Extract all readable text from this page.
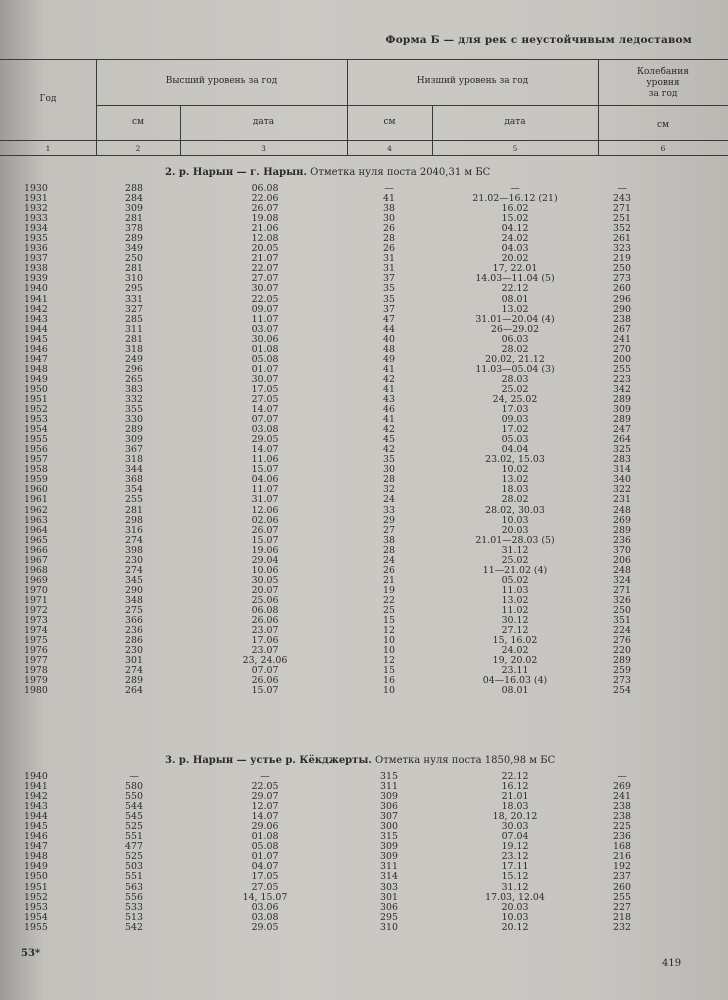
Форма Б — для рек с неустойчивым ледоставом
Год
Высший уровень за год	Низший уровень за год
Колебания
уровня
за год
см	дата	см	дата	см
1	2	3	4	5	6
2. р. Нарын — г. Нарын. Отметка нуля поста 2040,31 м БС
1930	288	06.08	—	—	—
1931	284	22.06	41	21.02—16.12 (21)	243
1932	309	26.07	38	16.02	271
1933	281	19.08	30	15.02	251
1934	378	21.06	26	04.12	352
1935	289	12.08	28	24.02	261
1936	349	20.05	26	04.03	323
1937	250	21.07	31	20.02	219
1938	281	22.07	31	17, 22.01	250
1939	310	27.07	37	14.03—11.04 (5)	273
1940	295	30.07	35	22.12	260
1941	331	22.05	35	08.01	296
1942	327	09.07	37	13.02	290
1943	285	11.07	47	31.01—20.04 (4)	238
1944	311	03.07	44	26—29.02	267
1945	281	30.06	40	06.03	241
1946	318	01.08	48	28.02	270
1947	249	05.08	49	20.02, 21.12	200
1948	296	01.07	41	11.03—05.04 (3)	255
1949	265	30.07	42	28.03	223
1950	383	17.05	41	25.02	342
1951	332	27.05	43	24, 25.02	289
1952	355	14.07	46	17.03	309
1953	330	07.07	41	09.03	289
1954	289	03.08	42	17.02	247
1955	309	29.05	45	05.03	264
1956	367	14.07	42	04.04	325
1957	318	11.06	35	23.02, 15.03	283
1958	344	15.07	30	10.02	314
1959	368	04.06	28	13.02	340
1960	354	11.07	32	18.03	322
1961	255	31.07	24	28.02	231
1962	281	12.06	33	28.02, 30.03	248
1963	298	02.06	29	10.03	269
1964	316	26.07	27	20.03	289
1965	274	15.07	38	21.01—28.03 (5)	236
1966	398	19.06	28	31.12	370
1967	230	29.04	24	25.02	206
1968	274	10.06	26	11—21.02 (4)	248
1969	345	30.05	21	05.02	324
1970	290	20.07	19	11.03	271
1971	348	25.06	22	13.02	326
1972	275	06.08	25	11.02	250
1973	366	26.06	15	30.12	351
1974	236	23.07	12	27.12	224
1975	286	17.06	10	15, 16.02	276
1976	230	23.07	10	24.02	220
1977	301	23, 24.06	12	19, 20.02	289
1978	274	07.07	15	23.11	259
1979	289	26.06	16	04—16.03 (4)	273
1980	264	15.07	10	08.01	254
3. р. Нарын — устье р. Кёкджерты. Отметка нуля поста 1850,98 м БС
1940	—	—	315	22.12	—
1941	580	22.05	311	16.12	269
1942	550	29.07	309	21.01	241
1943	544	12.07	306	18.03	238
1944	545	14.07	307	18, 20.12	238
1945	525	29.06	300	30.03	225
1946	551	01.08	315	07.04	236
1947	477	05.08	309	19.12	168
1948	525	01.07	309	23.12	216
1949	503	04.07	311	17.11	192
1950	551	17.05	314	15.12	237
1951	563	27.05	303	31.12	260
1952	556	14, 15.07	301	17.03, 12.04	255
1953	533	03.06	306	20.03	227
1954	513	03.08	295	10.03	218
1955	542	29.05	310	20.12	232
53*
419
